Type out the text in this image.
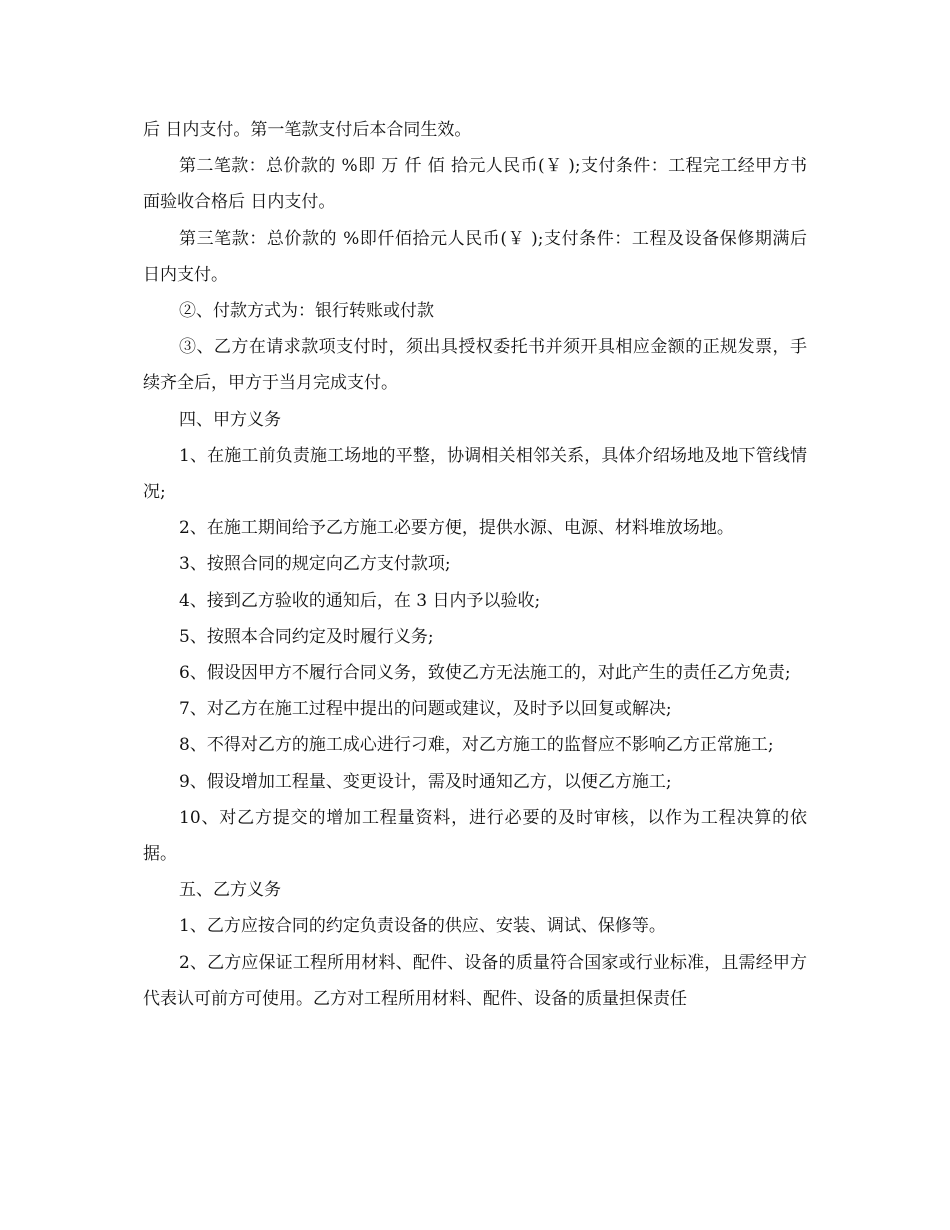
后 日内支付。第一笔款支付后本合同生效。

第二笔款：总价款的 %即 万 仟 佰 拾元人民币(￥ );支付条件：工程完工经甲方书面验收合格后 日内支付。

第三笔款：总价款的 %即仟佰拾元人民币(￥ );支付条件：工程及设备保修期满后 日内支付。

②、付款方式为：银行转账或付款

③、乙方在请求款项支付时，须出具授权委托书并须开具相应金额的正规发票，手续齐全后，甲方于当月完成支付。

四、甲方义务

1、在施工前负责施工场地的平整，协调相关相邻关系，具体介绍场地及地下管线情况;

2、在施工期间给予乙方施工必要方便，提供水源、电源、材料堆放场地。

3、按照合同的规定向乙方支付款项;

4、接到乙方验收的通知后，在 3 日内予以验收;

5、按照本合同约定及时履行义务;

6、假设因甲方不履行合同义务，致使乙方无法施工的，对此产生的责任乙方免责;

7、对乙方在施工过程中提出的问题或建议，及时予以回复或解决;

8、不得对乙方的施工成心进行刁难，对乙方施工的监督应不影响乙方正常施工;

9、假设增加工程量、变更设计，需及时通知乙方，以便乙方施工;

10、对乙方提交的增加工程量资料，进行必要的及时审核，以作为工程决算的依据。

五、乙方义务

1、乙方应按合同的约定负责设备的供应、安装、调试、保修等。

2、乙方应保证工程所用材料、配件、设备的质量符合国家或行业标准，且需经甲方代表认可前方可使用。乙方对工程所用材料、配件、设备的质量担保责任
